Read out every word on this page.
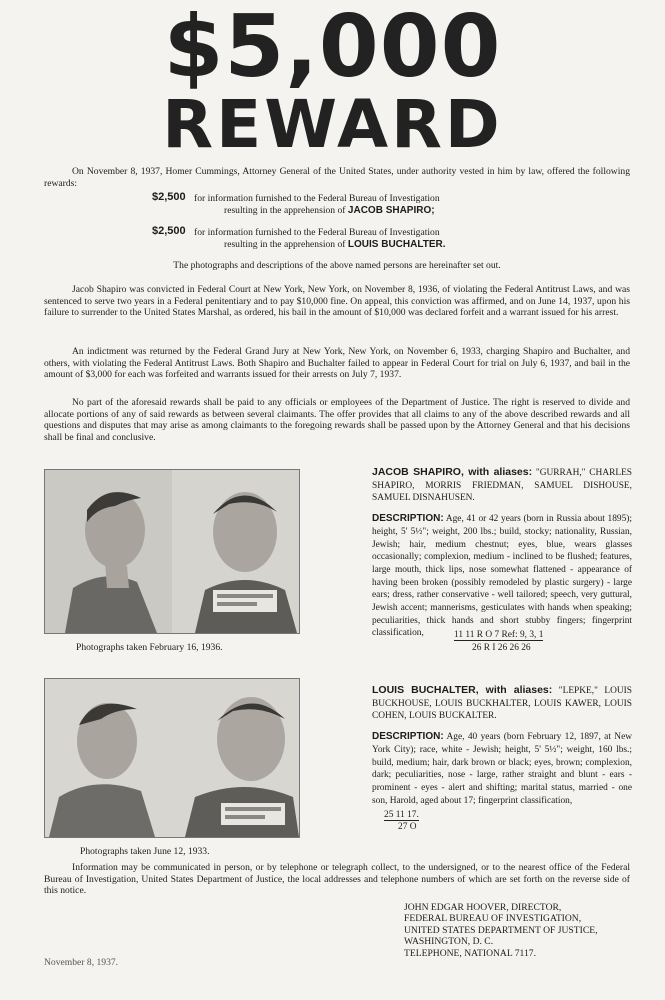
$5,000
REWARD

On November 8, 1937, Homer Cummings, Attorney General of the United States, under authority vested in him by law, offered the following rewards:

$2,500 for information furnished to the Federal Bureau of Investigation
resulting in the apprehension of JACOB SHAPIRO;
$2,500 for information furnished to the Federal Bureau of Investigation
resulting in the apprehension of LOUIS BUCHALTER.

The photographs and descriptions of the above named persons are hereinafter set out.

Jacob Shapiro was convicted in Federal Court at New York, New York, on November 8, 1936, of violating the Federal Antitrust Laws, and was sentenced to serve two years in a Federal penitentiary and to pay $10,000 fine. On appeal, this conviction was affirmed, and on June 14, 1937, upon his failure to surrender to the United States Marshal, as ordered, his bail in the amount of $10,000 was declared forfeit and a warrant issued for his arrest.

An indictment was returned by the Federal Grand Jury at New York, New York, on November 6, 1933, charging Shapiro and Buchalter, and others, with violating the Federal Antitrust Laws. Both Shapiro and Buchalter failed to appear in Federal Court for trial on July 6, 1937, and bail in the amount of $3,000 for each was forfeited and warrants issued for their arrests on July 7, 1937.

No part of the aforesaid rewards shall be paid to any officials or employees of the Department of Justice. The right is reserved to divide and allocate portions of any of said rewards as between several claimants. The offer provides that all claims to any of the above described rewards and all questions and disputes that may arise as among claimants to the foregoing rewards shall be passed upon by the Attorney General and that his decisions shall be final and conclusive.

Photographs taken February 16, 1936.
JACOB SHAPIRO, with aliases: "GURRAH," CHARLES SHAPIRO, MORRIS FRIEDMAN, SAMUEL DISHOUSE, SAMUEL DISNAHUSEN.
DESCRIPTION: Age, 41 or 42 years (born in Russia about 1895); height, 5' 5½"; weight, 200 lbs.; build, stocky; nationality, Russian, Jewish; hair, medium chestnut; eyes, blue, wears glasses occasionally; complexion, medium - inclined to be flushed; features, large mouth, thick lips, nose somewhat flattened - appearance of having been broken (possibly remodeled by plastic surgery) - large ears; dress, rather conservative - well tailored; speech, very guttural, Jewish accent; mannerisms, gesticulates with hands when speaking; peculiarities, thick hands and short stubby fingers; fingerprint classification,	11 11 R O 7 Ref: 9, 3, 1
26 R I 26 26 26
Photographs taken June 12, 1933.
LOUIS BUCHALTER, with aliases: "LEPKE," LOUIS BUCKHOUSE, LOUIS BUCKHALTER, LOUIS KAWER, LOUIS COHEN, LOUIS BUCKALTER.
DESCRIPTION: Age, 40 years (born February 12, 1897, at New York City); race, white - Jewish; height, 5' 5½"; weight, 160 lbs.; build, medium; hair, dark brown or black; eyes, brown; complexion, dark; peculiarities, nose - large, rather straight and blunt - ears - prominent - eyes - alert and shifting; marital status, married - one son, Harold, aged about 17; fingerprint classification,
25 11 17.
27 O

Information may be communicated in person, or by telephone or telegraph collect, to the undersigned, or to the nearest office of the Federal Bureau of Investigation, United States Department of Justice, the local addresses and telephone numbers of which are set forth on the reverse side of this notice.

JOHN EDGAR HOOVER, DIRECTOR,
FEDERAL BUREAU OF INVESTIGATION,
UNITED STATES DEPARTMENT OF JUSTICE,
WASHINGTON, D. C.
TELEPHONE, NATIONAL 7117.
November 8, 1937.
